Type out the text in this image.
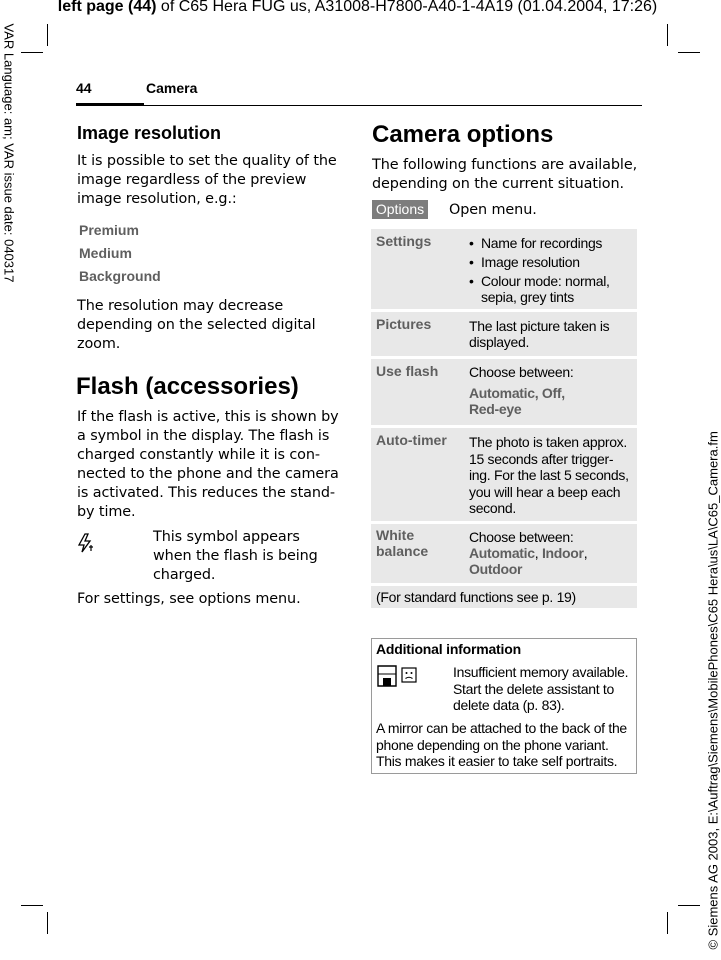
left page (44) of C65 Hera FUG us, A31008-H7800-A40-1-4A19 (01.04.2004, 17:26)
VAR Language: am; VAR issue date: 040317
© Siemens AG 2003, E:\Auftrag\Siemens\MobilePhones\C65 Hera\us\LA\C65_Camera.fm
44	Camera
Image resolution
It is possible to set the quality of the
image regardless of the preview
image resolution, e.g.:
Premium
Medium
Background
The resolution may decrease
depending on the selected digital
zoom.
Flash (accessories)
If the flash is active, this is shown by
a symbol in the display. The flash is
charged constantly while it is con-
nected to the phone and the camera
is activated. This reduces the stand-
by time.
This symbol appears
when the flash is being
charged.
For settings, see options menu.
Camera options
The following functions are available,
depending on the current situation.
Options Open menu.
Settings
•	Name for recordings
• Image resolution
• Colour mode: normal, sepia, grey tints
Pictures	The last picture taken is
displayed.
Use flash Choose between:
Automatic, Off,
Red-eye
Auto-timer The photo is taken approx.
15 seconds after trigger-
ing. For the last 5 seconds,
you will hear a beep each
second.
White
balance
Choose between:
Automatic, Indoor,
Outdoor
(For standard functions see p. 19)
Additional information
Insufficient memory available.
Start the delete assistant to
delete data (p. 83).
A mirror can be attached to the back of the
phone depending on the phone variant.
This makes it easier to take self portraits.
